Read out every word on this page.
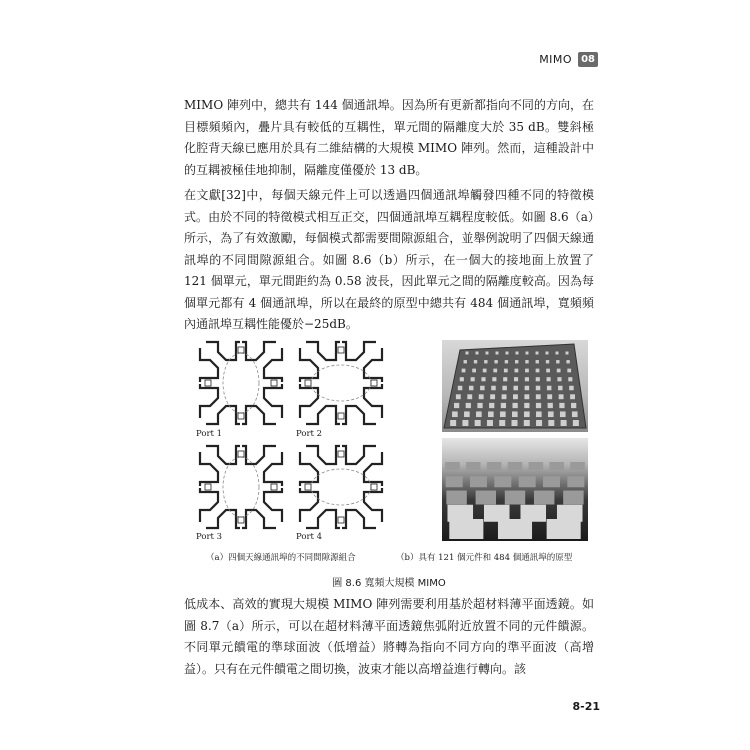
MIMO 08

MIMO 陣列中，總共有 144 個通訊埠。因為所有更新都指向不同的方向，在目標頻頻內，疊片具有較低的互耦性，單元間的隔離度大於 35 dB。雙斜極化腔背天線已應用於具有二維結構的大規模 MIMO 陣列。然而，這種設計中的互耦被極佳地抑制，隔離度僅優於 13 dB。

在文獻[32]中，每個天線元件上可以透過四個通訊埠觸發四種不同的特徵模式。由於不同的特徵模式相互正交，四個通訊埠互耦程度較低。如圖 8.6（a）所示，為了有效激勵，每個模式都需要間隙源組合，並舉例說明了四個天線通訊埠的不同間隙源組合。如圖 8.6（b）所示，在一個大的接地面上放置了 121 個單元，單元間距約為 0.58 波長，因此單元之間的隔離度較高。因為每個單元都有 4 個通訊埠，所以在最終的原型中總共有 484 個通訊埠，寬頻頻內通訊埠互耦性能優於−25dB。

Port 1	Port 2
Port 3	Port 4
（a）四個天線通訊埠的不同間隙源組合	（b）具有 121 個元件和 484 個通訊埠的原型
圖 8.6 寬頻大規模 MIMO

低成本、高效的實現大規模 MIMO 陣列需要利用基於超材料薄平面透鏡。如圖 8.7（a）所示，可以在超材料薄平面透鏡焦弧附近放置不同的元件饋源。不同單元饋電的準球面波（低增益）將轉為指向不同方向的準平面波（高增益）。只有在元件饋電之間切換，波束才能以高增益進行轉向。該

8-21
